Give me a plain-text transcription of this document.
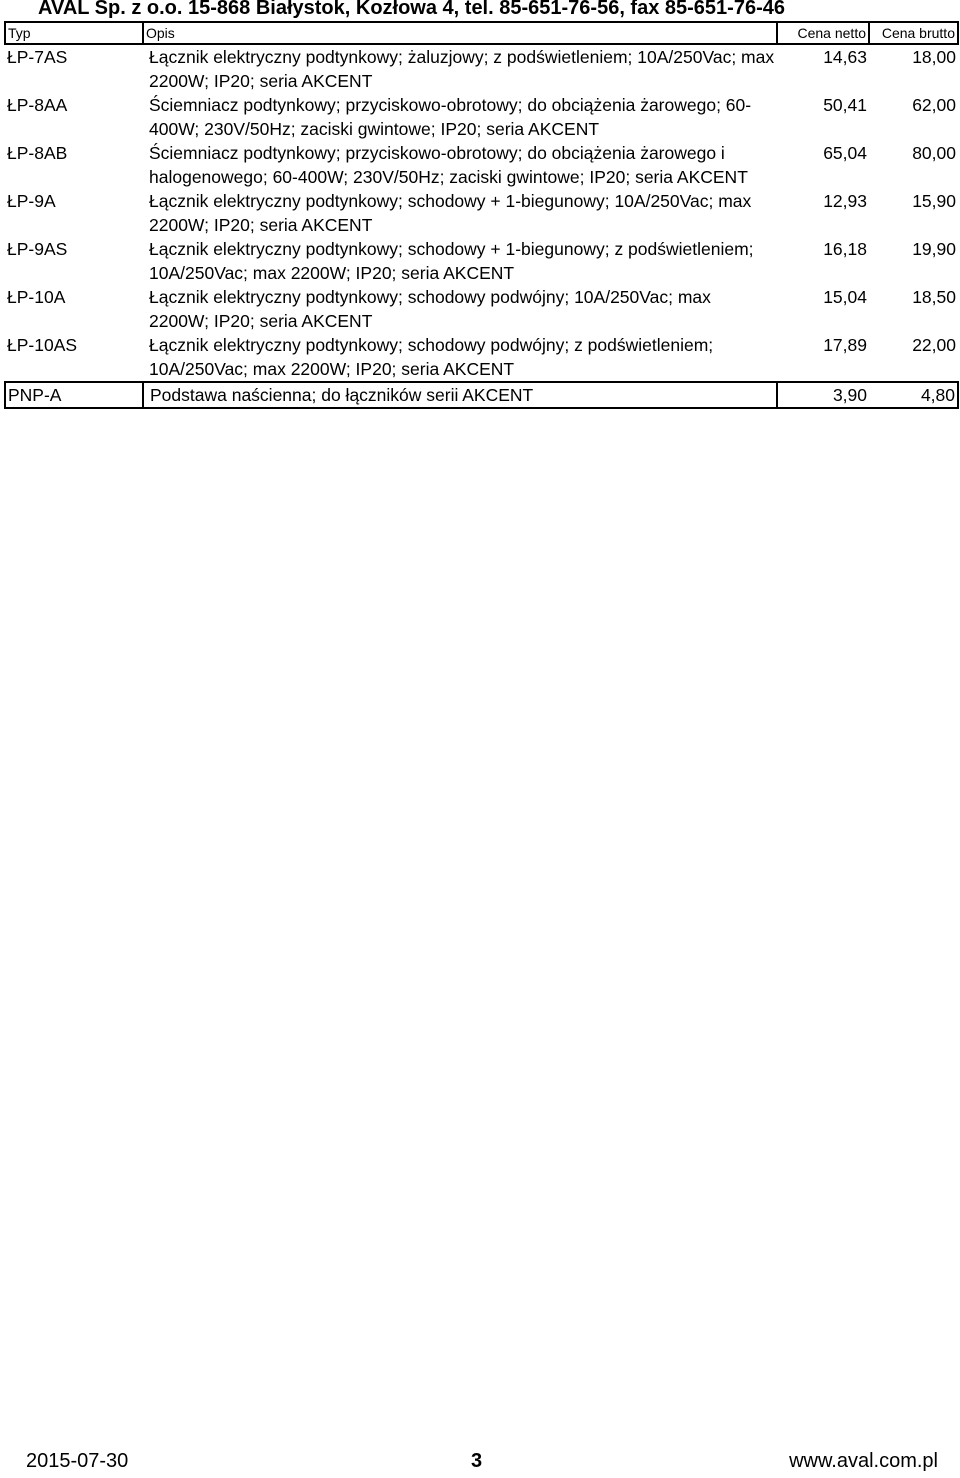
AVAL Sp. z o.o. 15-868 Białystok, Kozłowa 4, tel. 85-651-76-56, fax 85-651-76-46
Typ	Opis	Cena netto	Cena brutto
ŁP-7AS	Łącznik elektryczny podtynkowy; żaluzjowy; z podświetleniem; 10A/250Vac; max 2200W; IP20; seria AKCENT	14,63	18,00
ŁP-8AA	Ściemniacz podtynkowy; przyciskowo-obrotowy; do obciążenia żarowego; 60-400W; 230V/50Hz; zaciski gwintowe; IP20; seria AKCENT	50,41	62,00
ŁP-8AB	Ściemniacz podtynkowy; przyciskowo-obrotowy; do obciążenia żarowego i halogenowego; 60-400W; 230V/50Hz; zaciski gwintowe; IP20; seria AKCENT	65,04	80,00
ŁP-9A	Łącznik elektryczny podtynkowy; schodowy + 1-biegunowy; 10A/250Vac; max 2200W; IP20; seria AKCENT	12,93	15,90
ŁP-9AS	Łącznik elektryczny podtynkowy; schodowy + 1-biegunowy; z podświetleniem; 10A/250Vac; max 2200W; IP20; seria AKCENT	16,18	19,90
ŁP-10A	Łącznik elektryczny podtynkowy; schodowy podwójny; 10A/250Vac; max 2200W; IP20; seria AKCENT	15,04	18,50
ŁP-10AS	Łącznik elektryczny podtynkowy; schodowy podwójny; z podświetleniem; 10A/250Vac; max 2200W; IP20; seria AKCENT	17,89	22,00
PNP-A	Podstawa naścienna; do łączników serii AKCENT	3,90	4,80
2015-07-30	3	www.aval.com.pl
